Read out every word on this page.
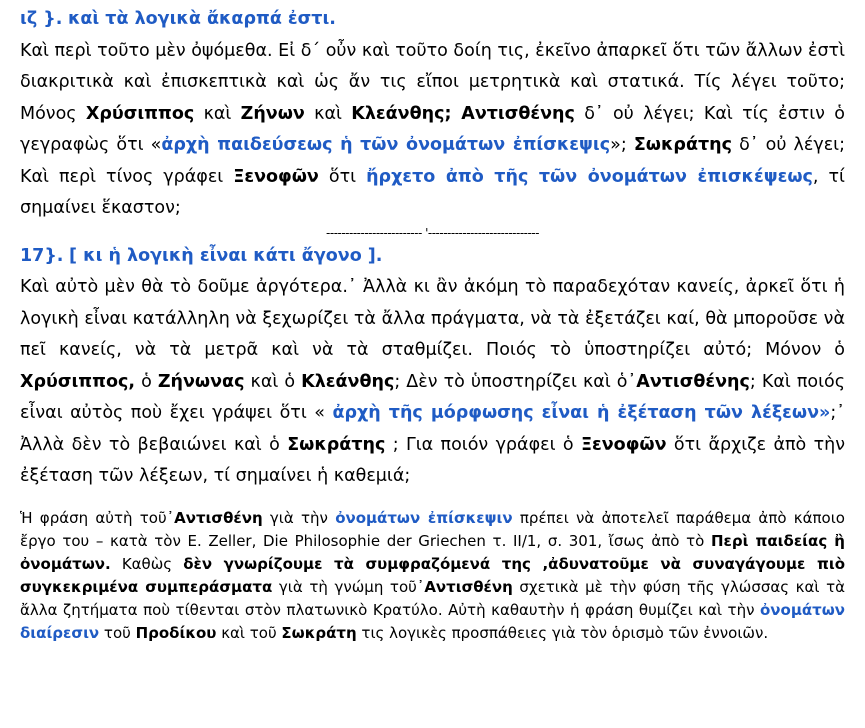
ιζ }. καὶ τὰ λογικὰ ἄκαρπά ἐστι.

Καὶ περὶ τοῦτο μὲν ὀψόμεθα. Εἰ δ΄ οὖν καὶ τοῦτο δοίη τις, ἐκεῖνο ἀπαρκεῖ ὅτι τῶν ἄλλων ἐστὶ διακριτικὰ καὶ ἐπισκεπτικὰ καὶ ὡς ἄν τις εἴποι μετρητικὰ καὶ στατικά. Τίς λέγει τοῦτο; Μόνος Χρύσιππος καὶ Ζήνων καὶ Κλεάνθης; Αντισθένης δ᾽ οὐ λέγει; Καὶ τίς ἐστιν ὁ γεγραφὼς ὅτι «ἀρχὴ παιδεύσεως ἡ τῶν ὀνομάτων ἐπίσκεψις»; Σωκράτης δ᾽ οὐ λέγει; Καὶ περὶ τίνος γράφει Ξενοφῶν ὅτι ἤρχετο ἀπὸ τῆς τῶν ὀνομάτων ἐπισκέψεως, τί σημαίνει ἕκαστον;

------------------------- '-----------------------------

17}. [ κι ἡ λογικὴ εἶναι κάτι ἄγονο ].

Καὶ αὐτὸ μὲν θὰ τὸ δοῦμε ἀργότερα.᾽ Ἀλλὰ κι ἂν ἀκόμη τὸ παραδεχόταν κανείς, ἀρκεῖ ὅτι ἡ λογικὴ εἶναι κατάλληλη νὰ ξεχωρίζει τὰ ἄλλα πράγματα, νὰ τὰ ἐξετάζει καί, θὰ μποροῦσε νὰ πεῖ κανείς, νὰ τὰ μετρᾶ καὶ νὰ τὰ σταθμίζει. Ποιός τὸ ὑποστηρίζει αὐτό; Μόνον ὁ Χρύσιππος, ὁ Ζήνωνας καὶ ὁ Κλεάνθης; Δὲν τὸ ὑποστηρίζει καὶ ὁ᾽Αντισθένης; Καὶ ποιός εἶναι αὐτὸς ποὺ ἔχει γράψει ὅτι « ἀρχὴ τῆς μόρφωσης εἶναι ἡ ἐξέταση τῶν λέξεων»;᾽ Ἀλλὰ δὲν τὸ βεβαιώνει καὶ ὁ Σωκράτης ; Για ποιόν γράφει ὁ Ξενοφῶν ὅτι ἄρχιζε ἀπὸ τὴν ἐξέταση τῶν λέξεων, τί σημαίνει ἡ καθεμιά;

Ἡ φράση αὐτὴ τοῦ᾽Αντισθένη γιὰ τὴν ὀνομάτων ἐπίσκεψιν πρέπει νὰ ἀποτελεῖ παράθεμα ἀπὸ κάποιο ἔργο του – κατὰ τὸν E. Zeller, Die Philosophie der Griechen τ. II/1, σ. 301, ἴσως ἀπὸ τὸ Περὶ παιδείας ἢ ὀνομάτων. Καθὼς δὲν γνωρίζουμε τὰ συμφραζόμενά της ,ἀδυνατοῦμε νὰ συναγάγουμε πιὸ συγκεκριμένα συμπεράσματα γιὰ τὴ γνώμη τοῦ᾽Αντισθένη σχετικὰ μὲ τὴν φύση τῆς γλώσσας καὶ τὰ ἄλλα ζητήματα ποὺ τίθενται στὸν πλατωνικὸ Κρατύλο. Αὐτὴ καθαυτὴν ἡ φράση θυμίζει καὶ τὴν ὀνομάτων διαίρεσιν τοῦ Προδίκου καὶ τοῦ Σωκράτη τις λογικὲς προσπάθειες γιὰ τὸν ὁρισμὸ τῶν ἐννοιῶν.
